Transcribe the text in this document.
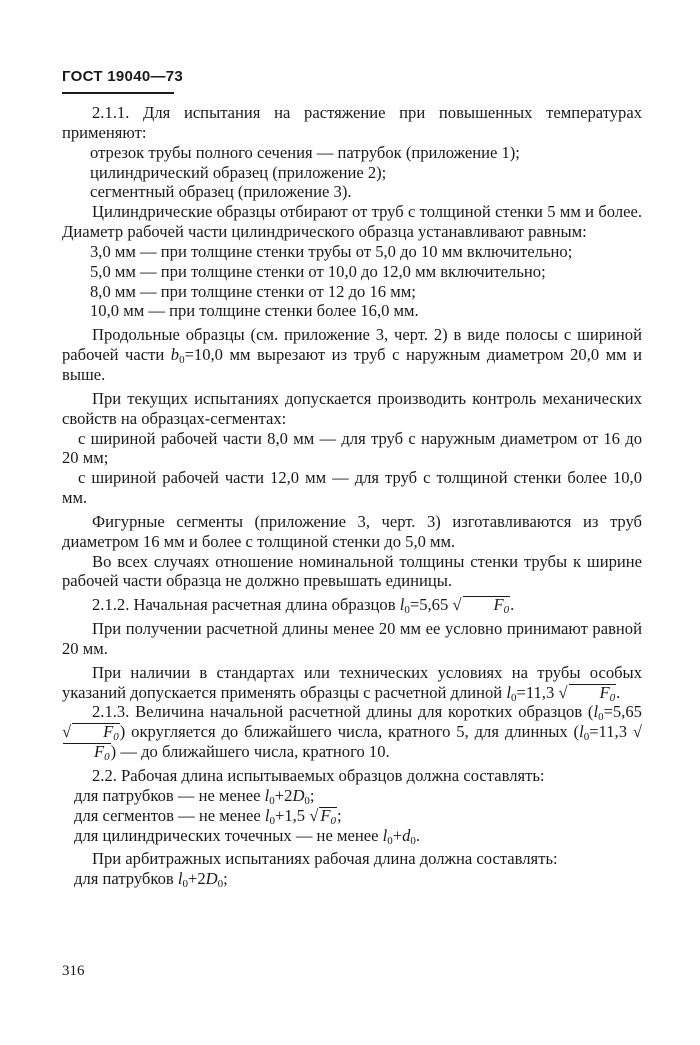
ГОСТ 19040—73

2.1.1. Для испытания на растяжение при повышенных температурах применяют:

отрезок трубы полного сечения — патрубок (приложение 1);

цилиндрический образец (приложение 2);

сегментный образец (приложение 3).

Цилиндрические образцы отбирают от труб с толщиной стенки 5 мм и более. Диаметр рабочей части цилиндрического образца устанавливают равным:

3,0 мм — при толщине стенки трубы от 5,0 до 10 мм включительно;

5,0 мм — при толщине стенки от 10,0 до 12,0 мм включительно;

8,0 мм — при толщине стенки от 12 до 16 мм;

10,0 мм — при толщине стенки более 16,0 мм.

Продольные образцы (см. приложение 3, черт. 2) в виде полосы с шириной рабочей части $b_0=10,0$ мм вырезают из труб с наружным диаметром 20,0 мм и выше.

При текущих испытаниях допускается производить контроль механических свойств на образцах-сегментах:

с шириной рабочей части 8,0 мм — для труб с наружным диаметром от 16 до 20 мм;

с шириной рабочей части 12,0 мм — для труб с толщиной стенки более 10,0 мм.

Фигурные сегменты (приложение 3, черт. 3) изготавливаются из труб диаметром 16 мм и более с толщиной стенки до 5,0 мм.

Во всех случаях отношение номинальной толщины стенки трубы к ширине рабочей части образца не должно превышать единицы.

2.1.2. Начальная расчетная длина образцов $l_0=5,65$ √ $F_0$.

При получении расчетной длины менее 20 мм ее условно принимают равной 20 мм.

При наличии в стандартах или технических условиях на трубы особых указаний допускается применять образцы с расчетной длиной $l_0=11,3$ √ $F_0$.

2.1.3. Величина начальной расчетной длины для коротких образцов ($l_0=5,65$ √ $F_0$) округляется до ближайшего числа, кратного 5, для длинных ($l_0=11,3$ $√F_0$) — до ближайшего числа, кратного 10.

2.2. Рабочая длина испытываемых образцов должна составлять:

для патрубков — не менее $l_0+2D_0$;

для сегментов — не менее $l_0+1,5$ √ $F_0$;

для цилиндрических точечных — не менее $l_0+d_0$.

При арбитражных испытаниях рабочая длина должна составлять:

для патрубков $l_0+2D_0$;

316
